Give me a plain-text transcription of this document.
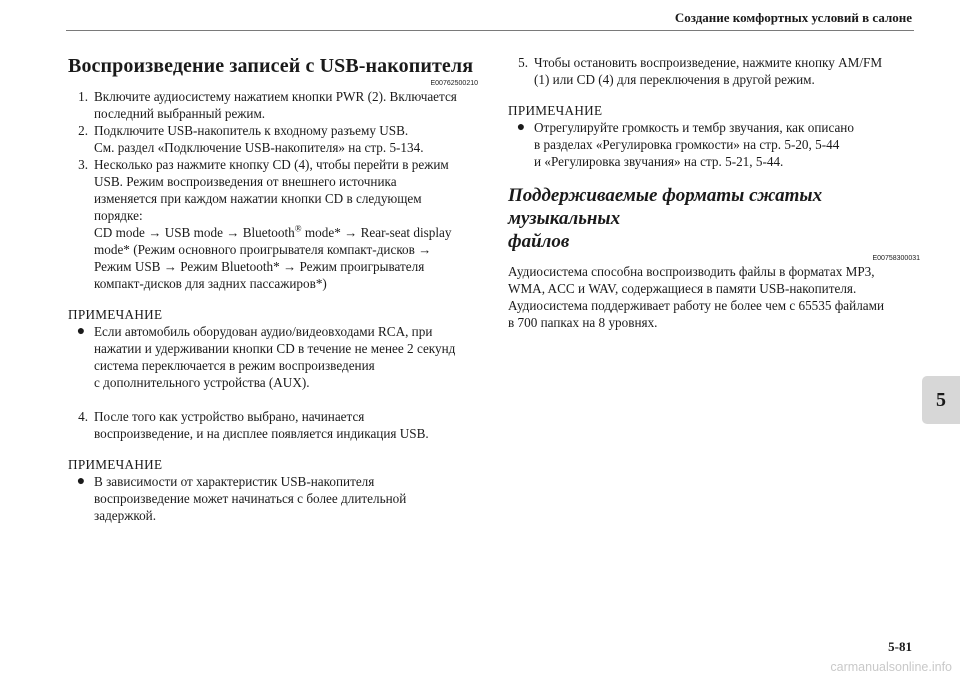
Создание комфортных условий в салоне
Воспроизведение записей с USB-накопителя
E00762500210
1. Включите аудиосистему нажатием кнопки PWR (2). Включается
последний выбранный режим.
2. Подключите USB-накопитель к входному разъему USB.
См. раздел «Подключение USB-накопителя» на стр. 5-134.
3. Несколько раз нажмите кнопку CD (4), чтобы перейти в режим
USB. Режим воспроизведения от внешнего источника
изменяется при каждом нажатии кнопки CD в следующем
порядке:
CD mode → USB mode → Bluetooth® mode* → Rear-seat display
mode* (Режим основного проигрывателя компакт-дисков →
Режим USB → Режим Bluetooth* → Режим проигрывателя
компакт-дисков для задних пассажиров*)
ПРИМЕЧАНИЕ
● Если автомобиль оборудован аудио/видеовходами RCA, при
нажатии и удерживании кнопки CD в течение не менее 2 секунд
система переключается в режим воспроизведения
с дополнительного устройства (AUX).
4. После того как устройство выбрано, начинается
воспроизведение, и на дисплее появляется индикация USB.
ПРИМЕЧАНИЕ
● В зависимости от характеристик USB-накопителя
воспроизведение может начинаться с более длительной
задержкой.
5. Чтобы остановить воспроизведение, нажмите кнопку AM/FM
(1) или CD (4) для переключения в другой режим.
ПРИМЕЧАНИЕ
● Отрегулируйте громкость и тембр звучания, как описано
в разделах «Регулировка громкости» на стр. 5-20, 5-44
и «Регулировка звучания» на стр. 5-21, 5-44.
Поддерживаемые форматы сжатых музыкальных
файлов
E00758300031
Аудиосистема способна воспроизводить файлы в форматах MP3,
WMA, ACC и WAV, содержащиеся в памяти USB-накопителя.
Аудиосистема поддерживает работу не более чем с 65535 файлами
в 700 папках на 8 уровнях.
5
5-81
carmanualsonline.info
